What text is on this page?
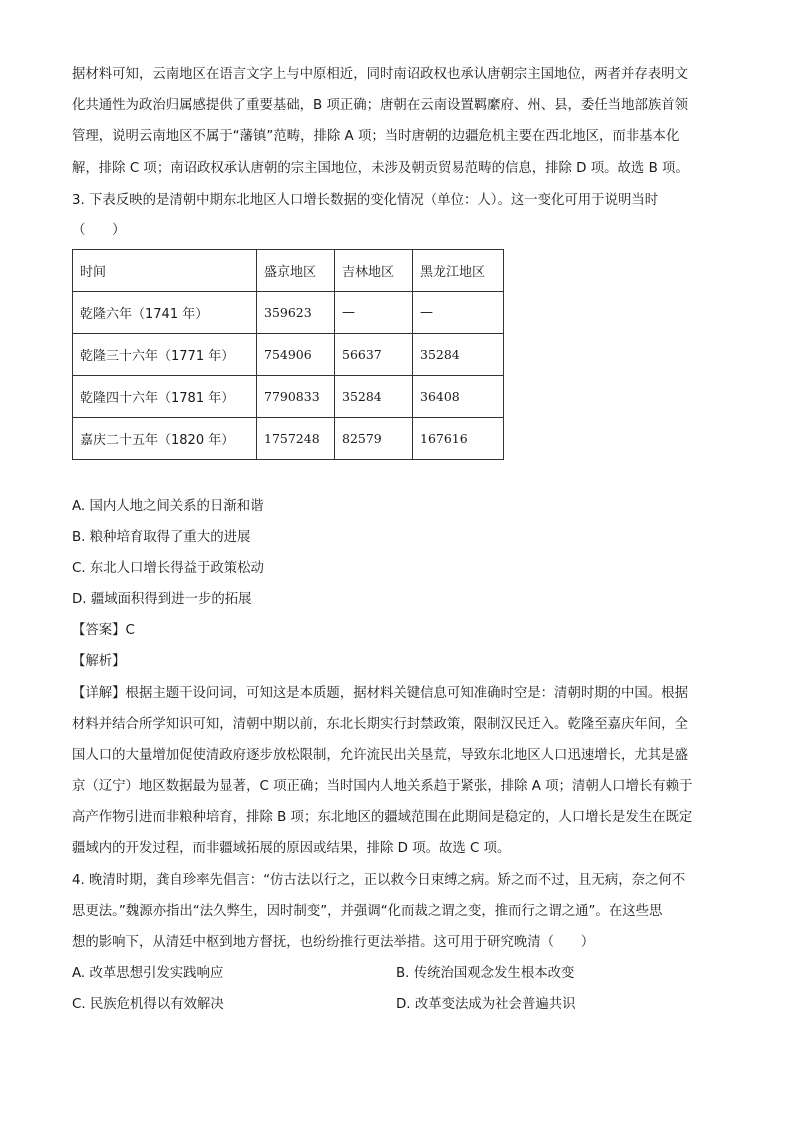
据材料可知，云南地区在语言文字上与中原相近，同时南诏政权也承认唐朝宗主国地位，两者并存表明文

化共通性为政治归属感提供了重要基础，B 项正确；唐朝在云南设置羁縻府、州、县，委任当地部族首领

管理，说明云南地区不属于“藩镇”范畴，排除 A 项；当时唐朝的边疆危机主要在西北地区，而非基本化

解，排除 C 项；南诏政权承认唐朝的宗主国地位，未涉及朝贡贸易范畴的信息，排除 D 项。故选 B 项。

3. 下表反映的是清朝中期东北地区人口增长数据的变化情况（单位：人）。这一变化可用于说明当时

（　　）

时间	盛京地区	吉林地区	黑龙江地区
乾隆六年（1741 年）	359623	—	—
乾隆三十六年（1771 年）	754906	56637	35284
乾隆四十六年（1781 年）	7790833	35284	36408
嘉庆二十五年（1820 年）	1757248	82579	167616

A. 国内人地之间关系的日渐和谐

B. 粮种培育取得了重大的进展

C. 东北人口增长得益于政策松动

D. 疆域面积得到进一步的拓展

【答案】C

【解析】

【详解】根据主题干设问词，可知这是本质题，据材料关键信息可知准确时空是：清朝时期的中国。根据

材料并结合所学知识可知，清朝中期以前，东北长期实行封禁政策，限制汉民迁入。乾隆至嘉庆年间，全

国人口的大量增加促使清政府逐步放松限制，允许流民出关垦荒，导致东北地区人口迅速增长，尤其是盛

京（辽宁）地区数据最为显著，C 项正确；当时国内人地关系趋于紧张，排除 A 项；清朝人口增长有赖于

高产作物引进而非粮种培育，排除 B 项；东北地区的疆域范围在此期间是稳定的，人口增长是发生在既定

疆域内的开发过程，而非疆域拓展的原因或结果，排除 D 项。故选 C 项。

4. 晚清时期，龚自珍率先倡言：“仿古法以行之，正以救今日束缚之病。矫之而不过，且无病，奈之何不

思更法。”魏源亦指出“法久弊生，因时制变”，并强调“化而裁之谓之变，推而行之谓之通”。在这些思

想的影响下，从清廷中枢到地方督抚，也纷纷推行更法举措。这可用于研究晚清（　　）

A. 改革思想引发实践响应	B. 传统治国观念发生根本改变
C. 民族危机得以有效解决	D. 改革变法成为社会普遍共识
